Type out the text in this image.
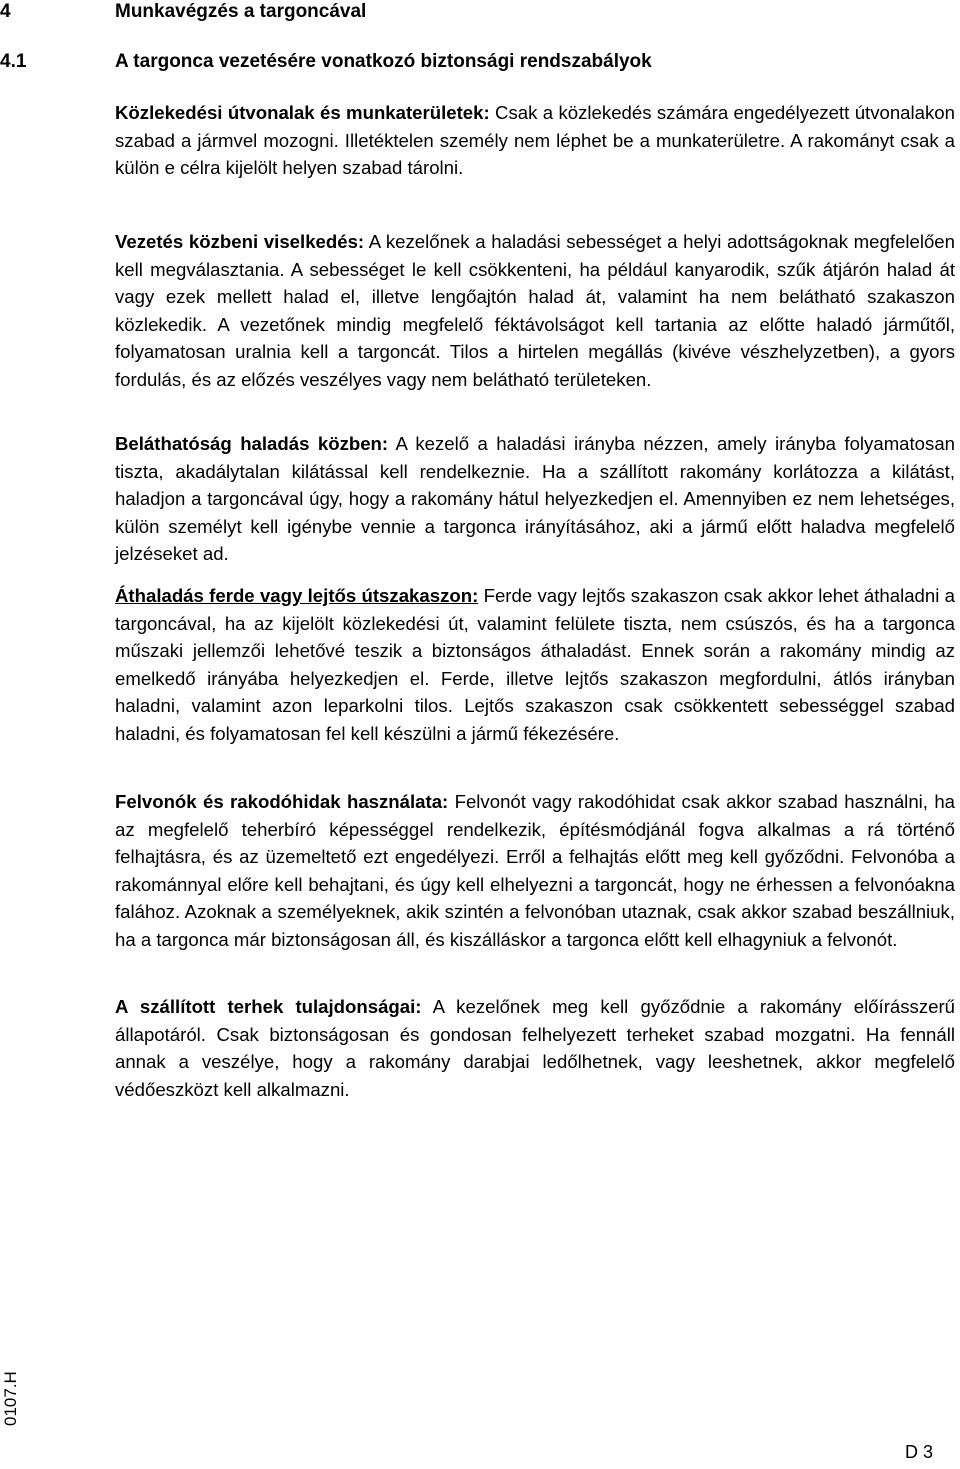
4	Munkavégzés a targoncával
4.1	A targonca vezetésére vonatkozó biztonsági rendszabályok

Közlekedési útvonalak és munkaterületek: Csak a közlekedés számára engedélyezett útvonalakon szabad a jármvel mozogni. Illetéktelen személy nem léphet be a munkaterületre. A rakományt csak a külön e célra kijelölt helyen szabad tárolni.

Vezetés közbeni viselkedés: A kezelőnek a haladási sebességet a helyi adottságoknak megfelelően kell megválasztania. A sebességet le kell csökkenteni, ha például kanyarodik, szűk átjárón halad át vagy ezek mellett halad el, illetve lengőajtón halad át, valamint ha nem belátható szakaszon közlekedik. A vezetőnek mindig megfelelő féktávolságot kell tartania az előtte haladó járműtől, folyamatosan uralnia kell a targoncát. Tilos a hirtelen megállás (kivéve vészhelyzetben), a gyors fordulás, és az előzés veszélyes vagy nem belátható területeken.

Beláthatóság haladás közben: A kezelő a haladási irányba nézzen, amely irányba folyamatosan tiszta, akadálytalan kilátással kell rendelkeznie. Ha a szállított rakomány korlátozza a kilátást, haladjon a targoncával úgy, hogy a rakomány hátul helyezkedjen el. Amennyiben ez nem lehetséges, külön személyt kell igénybe vennie a targonca irányításához, aki a jármű előtt haladva megfelelő jelzéseket ad.

Áthaladás ferde vagy lejtős útszakaszon: Ferde vagy lejtős szakaszon csak akkor lehet áthaladni a targoncával, ha az kijelölt közlekedési út, valamint felülete tiszta, nem csúszós, és ha a targonca műszaki jellemzői lehetővé teszik a biztonságos áthaladást. Ennek során a rakomány mindig az emelkedő irányába helyezkedjen el. Ferde, illetve lejtős szakaszon megfordulni, átlós irányban haladni, valamint azon leparkolni tilos. Lejtős szakaszon csak csökkentett sebességgel szabad haladni, és folyamatosan fel kell készülni a jármű fékezésére.

Felvonók és rakodóhidak használata: Felvonót vagy rakodóhidat csak akkor szabad használni, ha az megfelelő teherbíró képességgel rendelkezik, építésmódjánál fogva alkalmas a rá történő felhajtásra, és az üzemeltető ezt engedélyezi. Erről a felhajtás előtt meg kell győződni. Felvonóba a rakománnyal előre kell behajtani, és úgy kell elhelyezni a targoncát, hogy ne érhessen a felvonóakna falához. Azoknak a személyeknek, akik szintén a felvonóban utaznak, csak akkor szabad beszállniuk, ha a targonca már biztonságosan áll, és kiszálláskor a targonca előtt kell elhagyniuk a felvonót.

A szállított terhek tulajdonságai: A kezelőnek meg kell győződnie a rakomány előírásszerű állapotáról. Csak biztonságosan és gondosan felhelyezett terheket szabad mozgatni. Ha fennáll annak a veszélye, hogy a rakomány darabjai ledőlhetnek, vagy leeshetnek, akkor megfelelő védőeszközt kell alkalmazni.

0107.H
D 3
